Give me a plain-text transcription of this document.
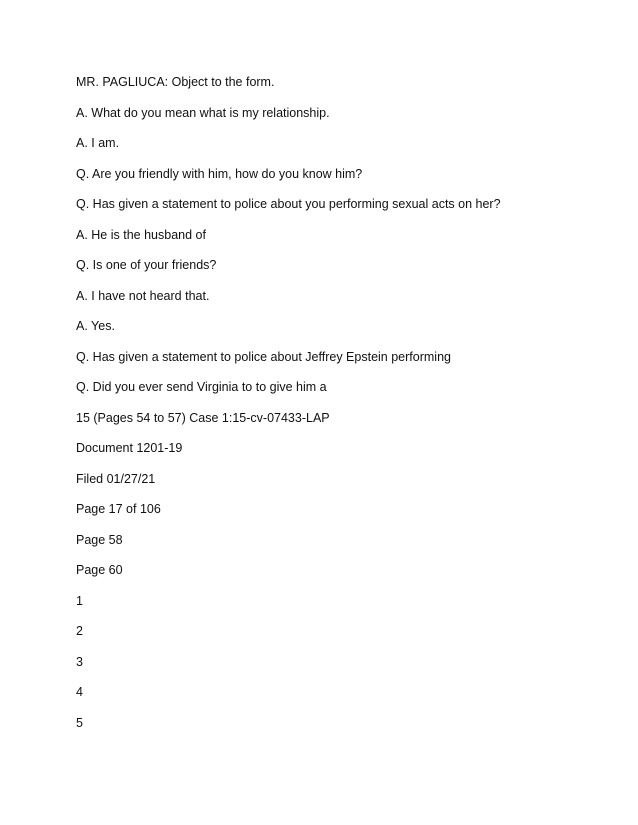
MR. PAGLIUCA: Object to the form.
A. What do you mean what is my relationship.
A. I am.
Q. Are you friendly with him, how do you know him?
Q. Has given a statement to police about you performing sexual acts on her?
A. He is the husband of
Q. Is one of your friends?
A. I have not heard that.
A. Yes.
Q. Has given a statement to police about Jeffrey Epstein performing
Q. Did you ever send Virginia to to give him a
15 (Pages 54 to 57) Case 1:15-cv-07433-LAP
Document 1201-19
Filed 01/27/21
Page 17 of 106
Page 58
Page 60
1
2
3
4
5
